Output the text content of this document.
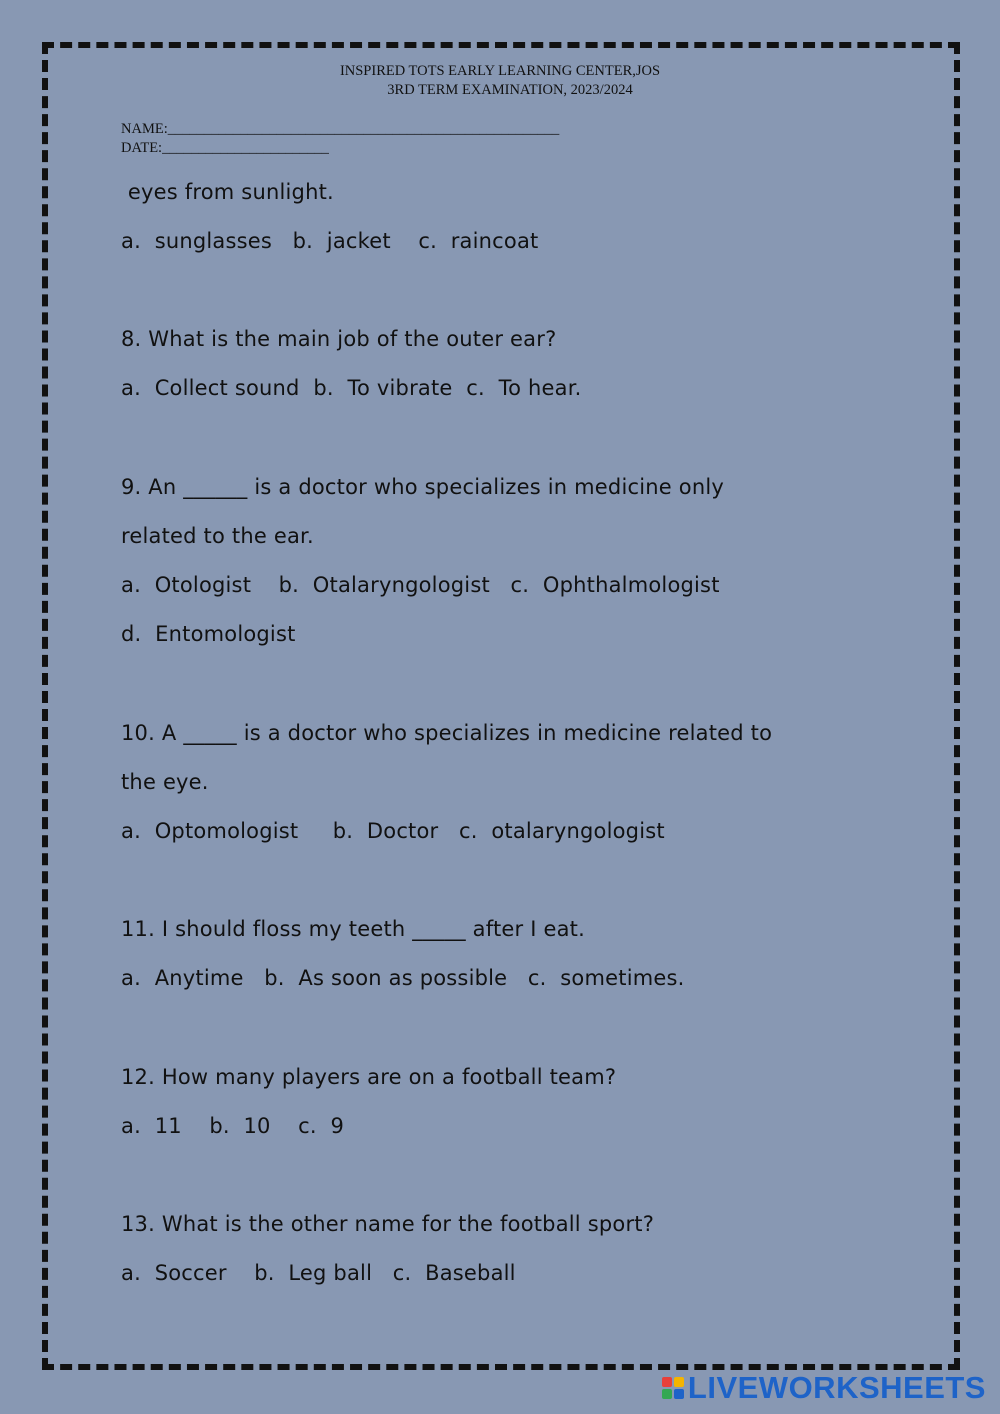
INSPIRED TOTS EARLY LEARNING CENTER,JOS
3RD TERM EXAMINATION, 2023/2024
NAME:______________________________________________________
DATE:_______________________
eyes from sunlight.
a.  sunglasses   b.  jacket    c.  raincoat
8. What is the main job of the outer ear?
a.  Collect sound  b.  To vibrate  c.  To hear.
9. An ______ is a doctor who specializes in medicine only
related to the ear.
a.  Otologist    b.  Otalaryngologist   c.  Ophthalmologist
d.  Entomologist
10. A _____ is a doctor who specializes in medicine related to
the eye.
a.  Optomologist     b.  Doctor   c.  otalaryngologist
11. I should floss my teeth _____ after I eat.
a.  Anytime   b.  As soon as possible   c.  sometimes.
12. How many players are on a football team?
a.  11    b.  10    c.  9
13. What is the other name for the football sport?
a.  Soccer    b.  Leg ball   c.  Baseball
LIVEWORKSHEETS
